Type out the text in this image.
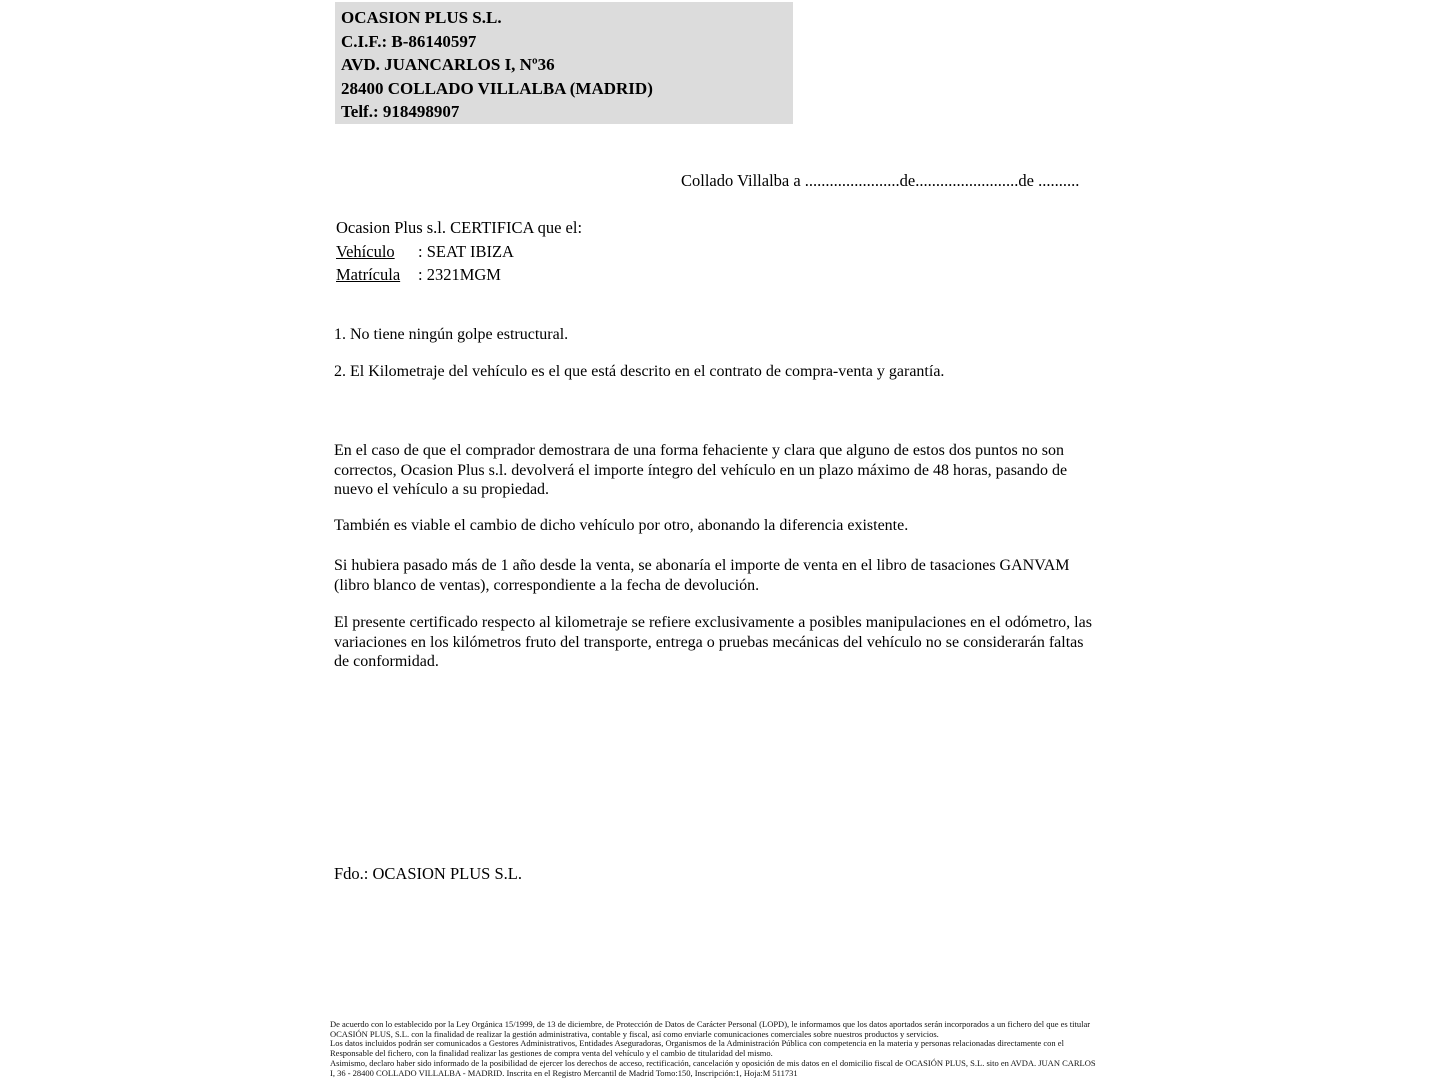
OCASION PLUS S.L.
C.I.F.: B-86140597
AVD. JUANCARLOS I, Nº36
28400 COLLADO VILLALBA (MADRID)
Telf.: 918498907
Collado Villalba a .......................de.........................de ..........
Ocasion Plus s.l. CERTIFICA que el:
Vehículo	: SEAT IBIZA
Matrícula	: 2321MGM
1. No tiene ningún golpe estructural.
2. El Kilometraje del vehículo es el que está descrito en el contrato de compra-venta y garantía.
En el caso de que el comprador demostrara de una forma fehaciente y clara que alguno de estos dos puntos no son correctos, Ocasion Plus s.l. devolverá el importe íntegro del vehículo en un plazo máximo de 48 horas, pasando de nuevo el vehículo a su propiedad.
También es viable el cambio de dicho vehículo por otro, abonando la diferencia existente.
Si hubiera pasado más de 1 año desde la venta, se abonaría el importe de venta en el libro de tasaciones GANVAM (libro blanco de ventas), correspondiente a la fecha de devolución.
El presente certificado respecto al kilometraje se refiere exclusivamente a posibles manipulaciones en el odómetro, las variaciones en los kilómetros fruto del transporte, entrega o pruebas mecánicas del vehículo no se considerarán faltas de conformidad.
Fdo.: OCASION PLUS S.L.
De acuerdo con lo establecido por la Ley Orgánica 15/1999, de 13 de diciembre, de Protección de Datos de Carácter Personal (LOPD), le informamos que los datos aportados serán incorporados a un fichero del que es titular OCASIÓN PLUS, S.L. con la finalidad de realizar la gestión administrativa, contable y fiscal, así como enviarle comunicaciones comerciales sobre nuestros productos y servicios.
Los datos incluidos podrán ser comunicados a Gestores Administrativos, Entidades Aseguradoras, Organismos de la Administración Pública con competencia en la materia y personas relacionadas directamente con el Responsable del fichero, con la finalidad realizar las gestiones de compra venta del vehículo y el cambio de titularidad del mismo.
Asimismo, declaro haber sido informado de la posibilidad de ejercer los derechos de acceso, rectificación, cancelación y oposición de mis datos en el domicilio fiscal de OCASIÓN PLUS, S.L. sito en AVDA. JUAN CARLOS I, 36 - 28400 COLLADO VILLALBA - MADRID. Inscrita en el Registro Mercantil de Madrid Tomo:150, Inscripción:1, Hoja:M 511731
